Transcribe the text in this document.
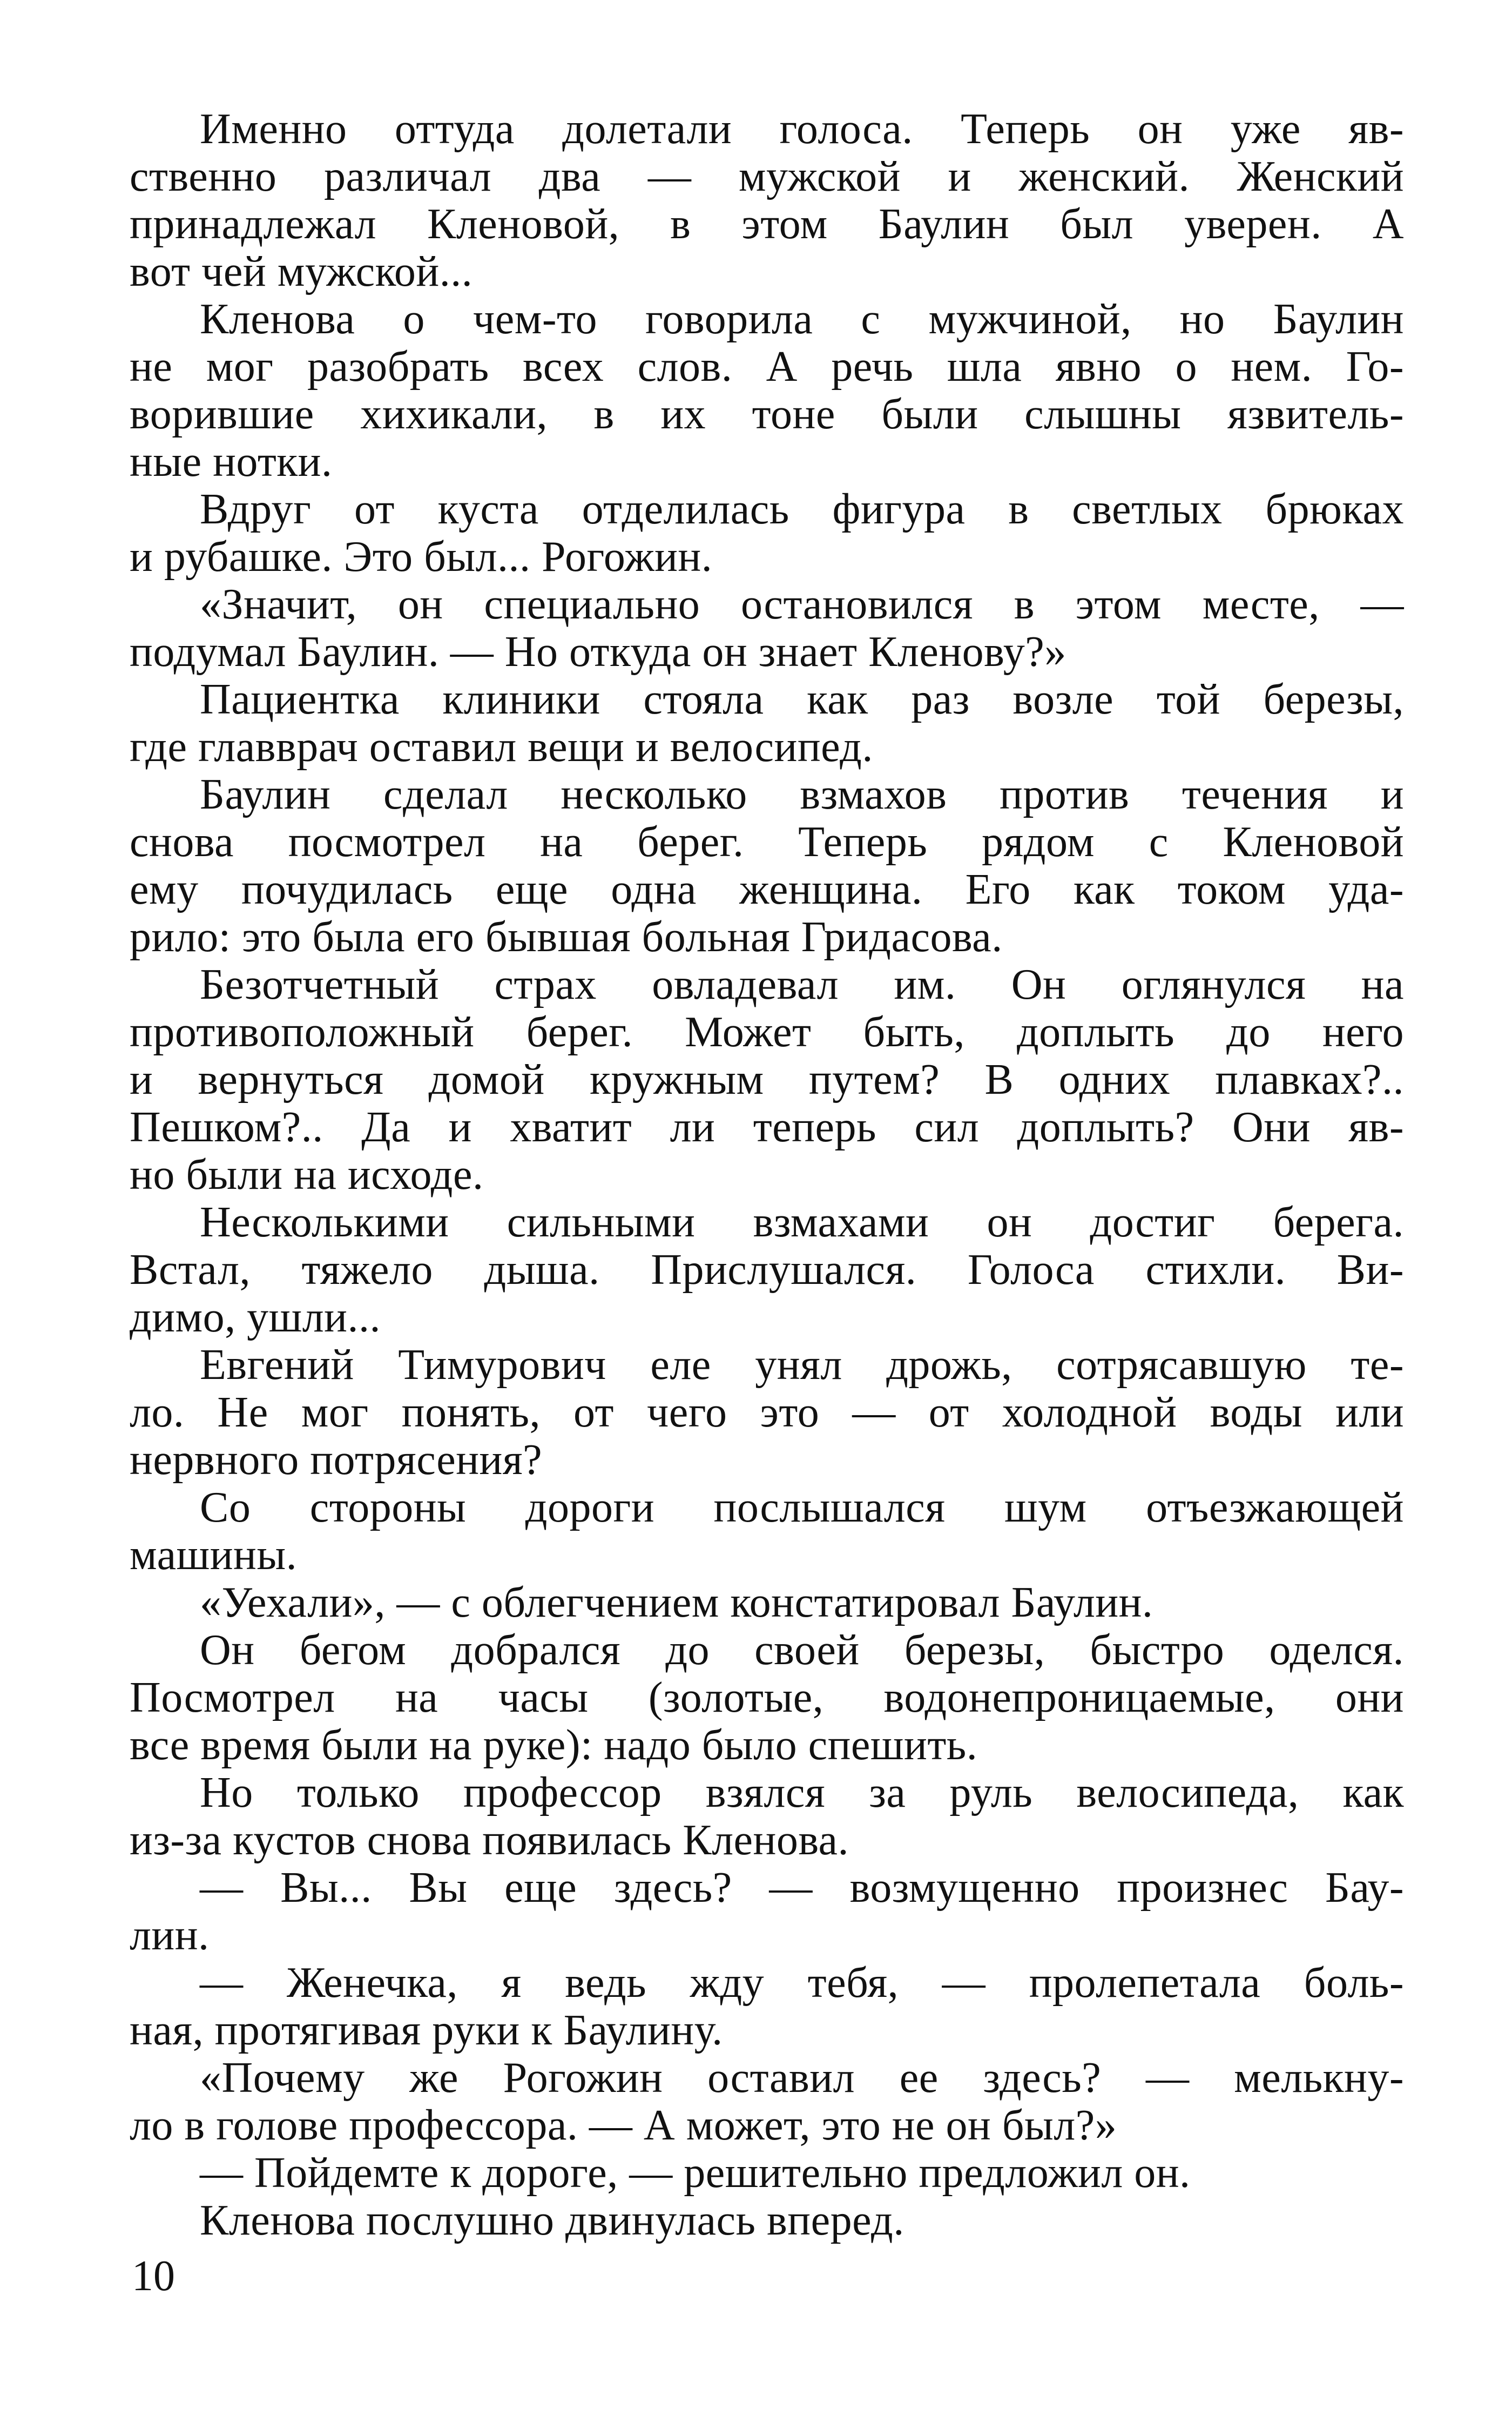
Именно оттуда долетали голоса. Теперь он уже яв-
ственно различал два — мужской и женский. Женский
принадлежал Кленовой, в этом Баулин был уверен. А
вот чей мужской...
Кленова о чем-то говорила с мужчиной, но Баулин
не мог разобрать всех слов. А речь шла явно о нем. Го-
ворившие хихикали, в их тоне были слышны язвитель-
ные нотки.
Вдруг от куста отделилась фигура в светлых брюках
и рубашке. Это был... Рогожин.
«Значит, он специально остановился в этом месте, —
подумал Баулин. — Но откуда он знает Кленову?»
Пациентка клиники стояла как раз возле той березы,
где главврач оставил вещи и велосипед.
Баулин сделал несколько взмахов против течения и
снова посмотрел на берег. Теперь рядом с Кленовой
ему почудилась еще одна женщина. Его как током уда-
рило: это была его бывшая больная Гридасова.
Безотчетный страх овладевал им. Он оглянулся на
противоположный берег. Может быть, доплыть до него
и вернуться домой кружным путем? В одних плавках?..
Пешком?.. Да и хватит ли теперь сил доплыть? Они яв-
но были на исходе.
Несколькими сильными взмахами он достиг берега.
Встал, тяжело дыша. Прислушался. Голоса стихли. Ви-
димо, ушли...
Евгений Тимурович еле унял дрожь, сотрясавшую те-
ло. Не мог понять, от чего это — от холодной воды или
нервного потрясения?
Со стороны дороги послышался шум отъезжающей
машины.
«Уехали», — с облегчением констатировал Баулин.
Он бегом добрался до своей березы, быстро оделся.
Посмотрел на часы (золотые, водонепроницаемые, они
все время были на руке): надо было спешить.
Но только профессор взялся за руль велосипеда, как
из-за кустов снова появилась Кленова.
— Вы... Вы еще здесь? — возмущенно произнес Бау-
лин.
— Женечка, я ведь жду тебя, — пролепетала боль-
ная, протягивая руки к Баулину.
«Почему же Рогожин оставил ее здесь? — мелькну-
ло в голове профессора. — А может, это не он был?»
— Пойдемте к дороге, — решительно предложил он.
Кленова послушно двинулась вперед.
10
